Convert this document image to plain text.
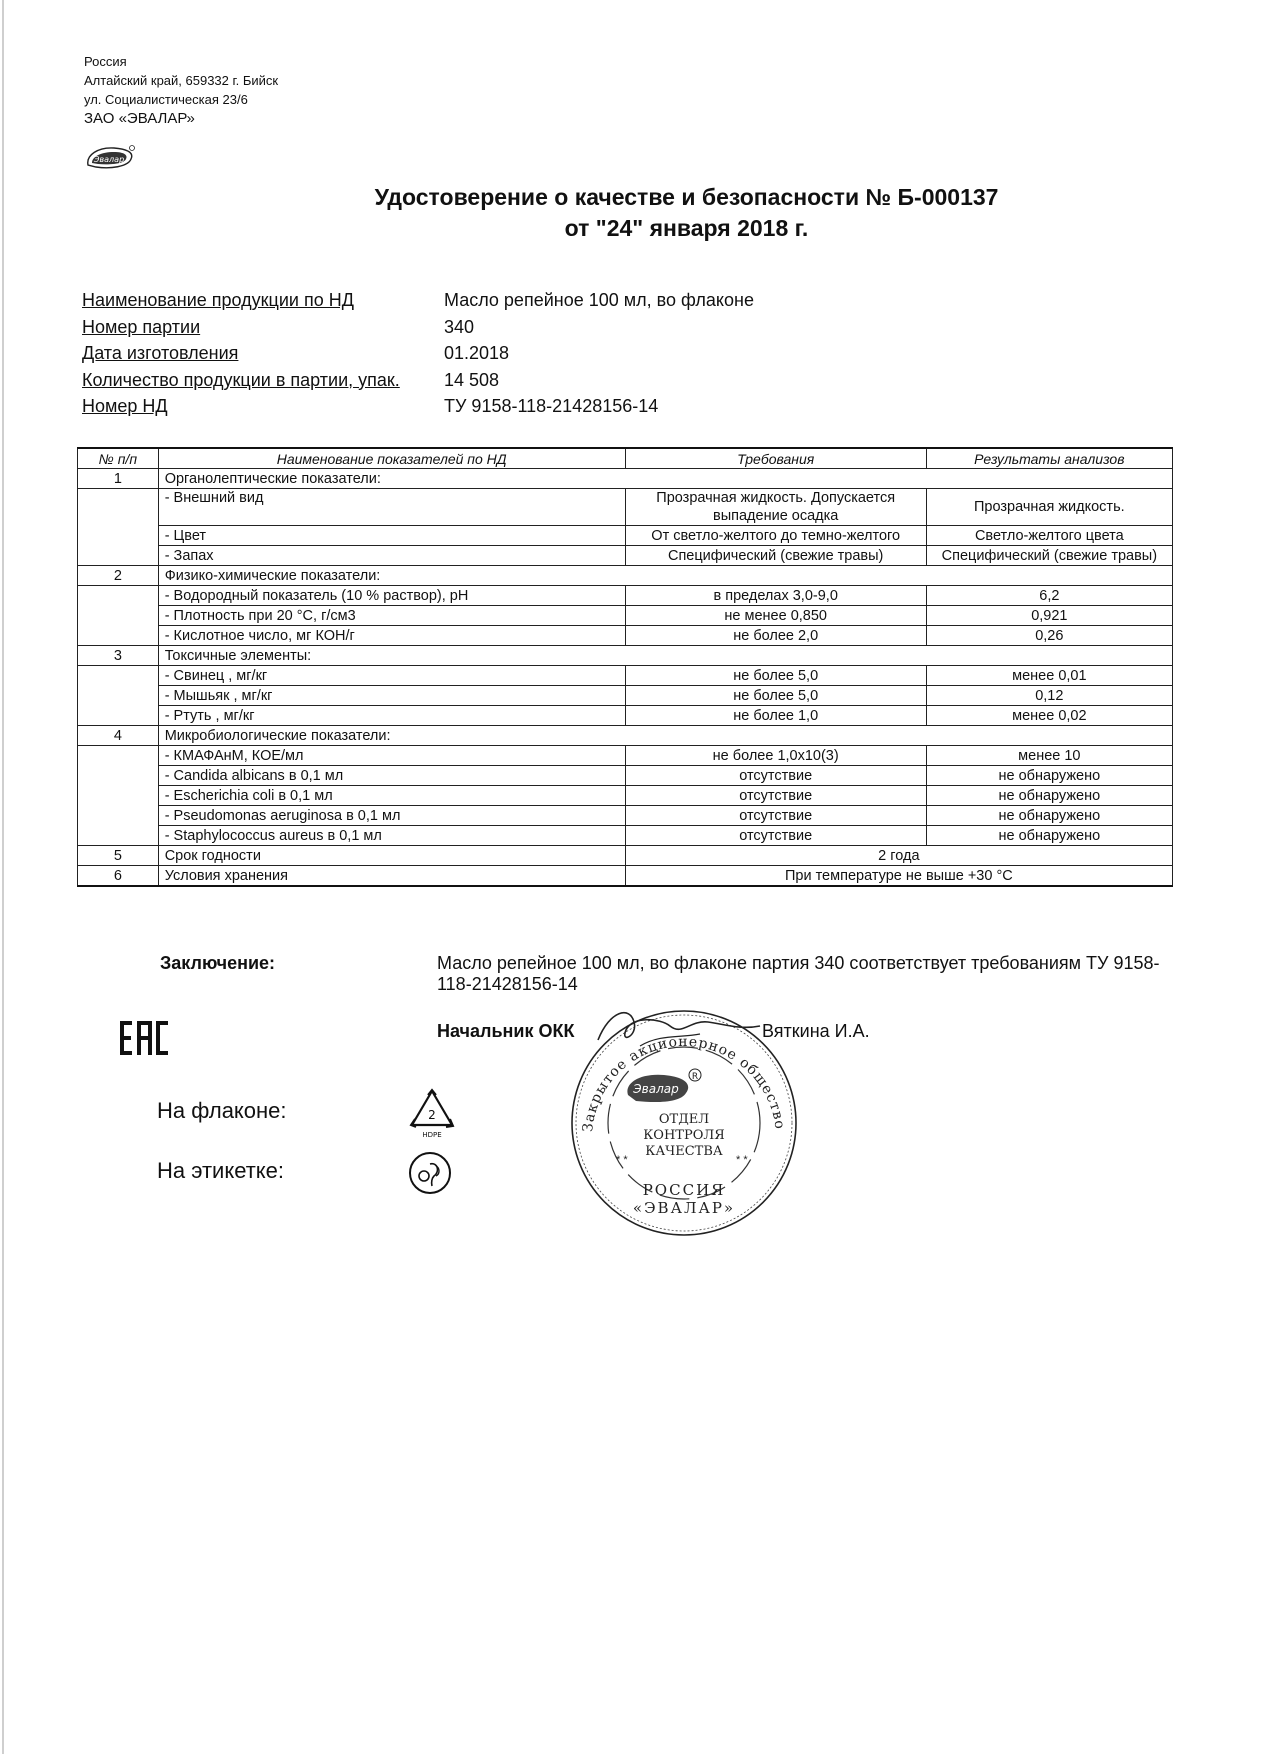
Россия
Алтайский край, 659332 г. Бийск
ул. Социалистическая 23/6
ЗАО «ЭВАЛАР»
Эвалар
Удостоверение о качестве и безопасности № Б-000137
от "24" января 2018 г.
Наименование продукции по НД	Масло репейное 100 мл, во флаконе
Номер партии	340
Дата изготовления	01.2018
Количество продукции в партии, упак. 14 508
Номер НД	ТУ 9158-118-21428156-14
№ п/п	Наименование показателей по НД	Требования	Результаты анализов
1	Органолептические показатели:		
	- Внешний вид	Прозрачная жидкость. Допускается выпадение осадка	Прозрачная жидкость.
	- Цвет	От светло-желтого до темно-желтого	Светло-желтого цвета
	- Запах	Специфический (свежие травы)	Специфический (свежие травы)
2	Физико-химические показатели:		
	- Водородный показатель (10 % раствор), pH	в пределах 3,0-9,0	6,2
	- Плотность при 20 °С, г/см3	не менее 0,850	0,921
	- Кислотное число, мг КОН/г	не более 2,0	0,26
3	Токсичные элементы:		
	- Свинец , мг/кг	не более 5,0	менее 0,01
	- Мышьяк , мг/кг	не более 5,0	0,12
	- Ртуть , мг/кг	не более 1,0	менее 0,02
4	Микробиологические показатели:		
	- КМАФАнМ, КОЕ/мл	не более 1,0x10(3)	менее 10
	- Candida albicans в 0,1 мл	отсутствие	не обнаружено
	- Escherichia coli в 0,1 мл	отсутствие	не обнаружено
	- Pseudomonas aeruginosa в 0,1 мл	отсутствие	не обнаружено
	- Staphylococcus aureus в 0,1 мл	отсутствие	не обнаружено
5	Срок годности	2 года	
6	Условия хранения	При температуре не выше +30 °С	
Заключение:	Масло репейное 100 мл, во флаконе партия 340 соответствует требованиям ТУ 9158-118-21428156-14
Начальник ОКК	Вяткина И.А.
На флаконе:
На этикетке:
2
HDPE
Закрытое акционерное общество
Эвалар
R
ОТДЕЛ
КОНТРОЛЯ
КАЧЕСТВА
* *	* *
РОССИЯ
«ЭВАЛАР»
